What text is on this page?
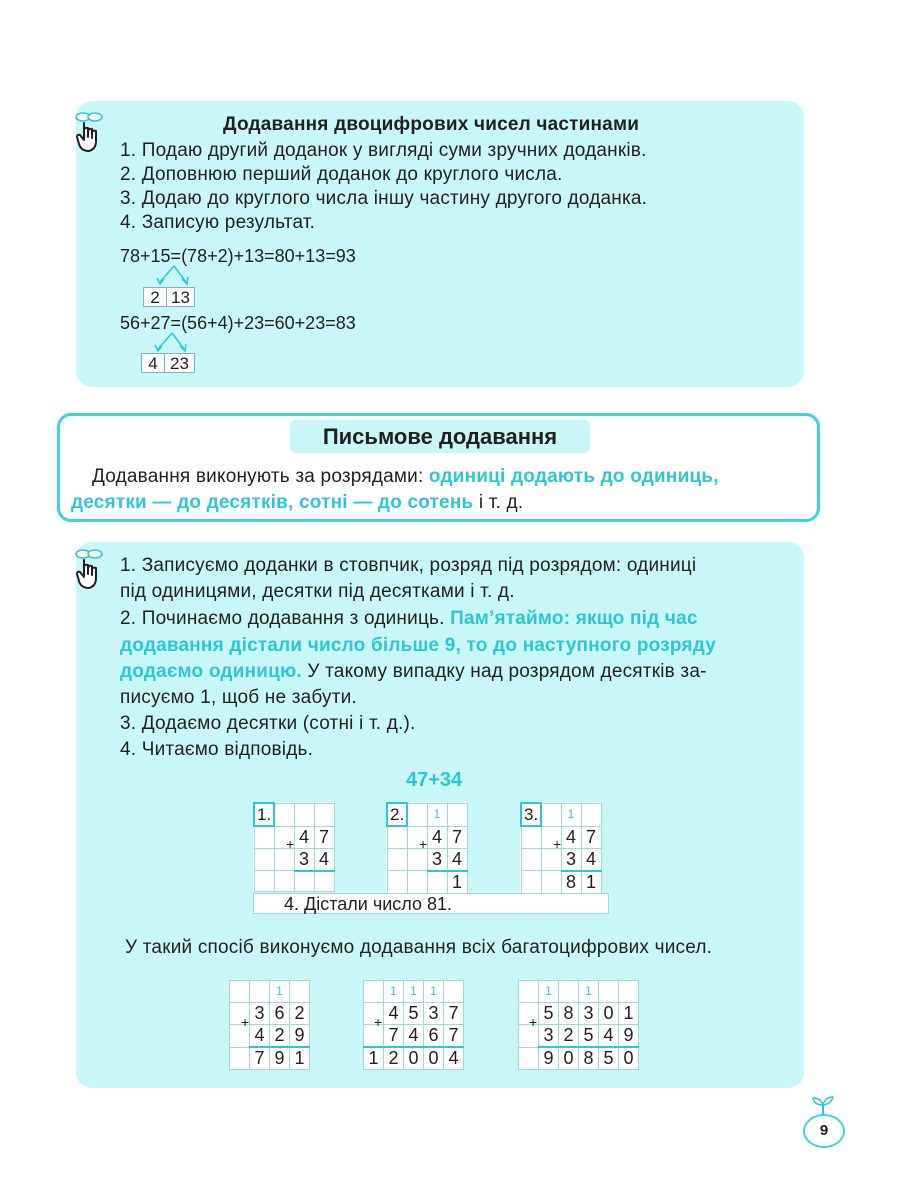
Додавання двоцифрових чисел частинами
1. Подаю другий доданок у вигляді суми зручних доданків.
2. Доповнюю перший доданок до круглого числа.
3. Додаю до круглого числа іншу частину другого доданка.
4. Записую результат.
78+15=(78+2)+13=80+13=93
2 13
56+27=(56+4)+23=60+23=83
4 23
Письмове додавання
Додавання виконують за розрядами: одиниці додають до одиниць,
десятки — до десятків, сотні — до сотень і т. д.
1. Записуємо доданки в стовпчик, розряд під розрядом: одиниці
під одиницями, десятки під десятками і т. д.
2. Починаємо додавання з одиниць. Пам’ятаймо: якщо під час
додавання дістали число більше 9, то до наступного розряду
додаємо одиницю. У такому випадку над розрядом десятків за-
писуємо 1, щоб не забути.
3. Додаємо десятки (сотні і т. д.).
4. Читаємо відповідь.
47+34
1.			
		4	7
		3	4

+
2.		1	
		4	7
		3	4
			1
+
3.		1	
		4	7
		3	4
		8	1
+
4. Дістали число 81.
У такий спосіб виконуємо додавання всіх багатоцифрових чисел.
		1	
	3	6	2
	4	2	9
	7	9	1
+
	1	1	1	
	4	5	3	7
	7	4	6	7
1	2	0	0	4
+
	1		1		
	5	8	3	0	1
	3	2	5	4	9
	9	0	8	5	0
+
9
